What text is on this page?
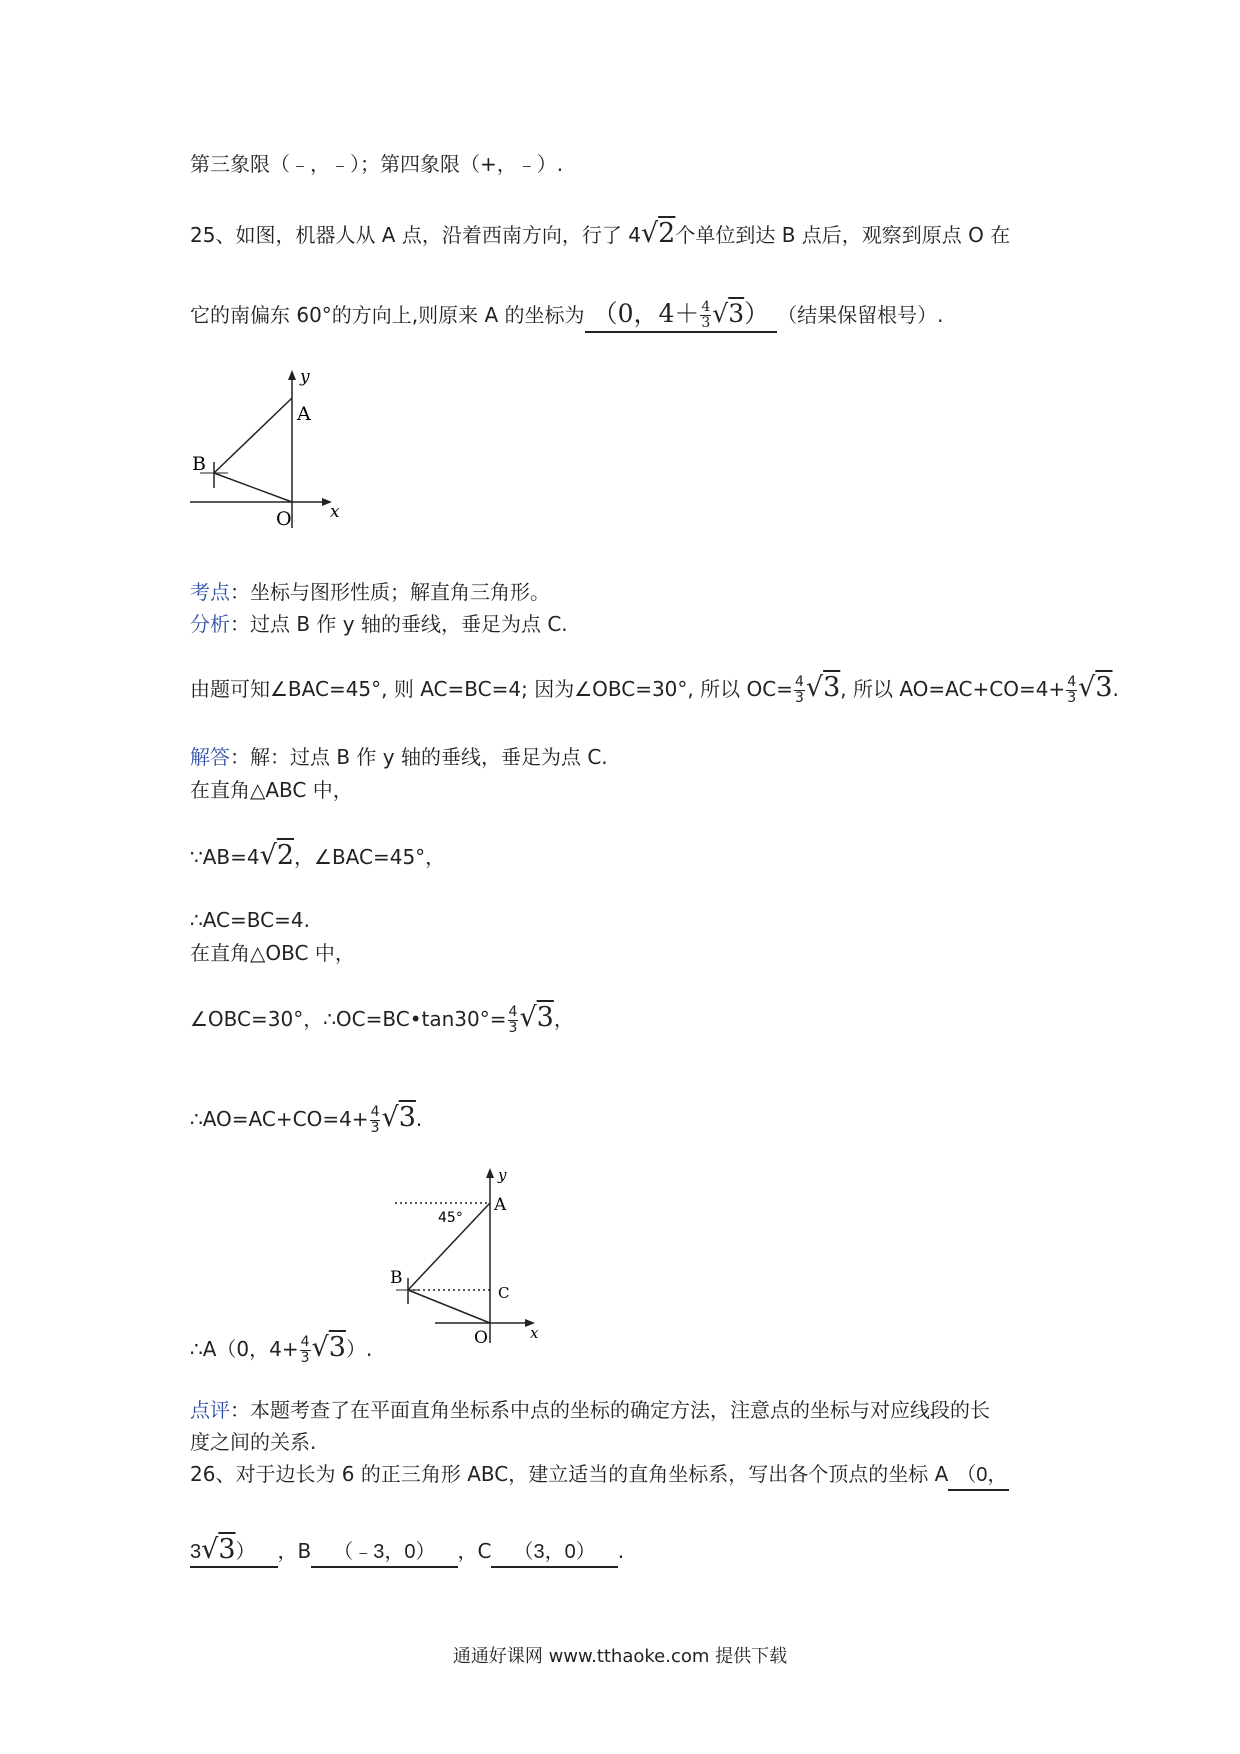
第三象限（﹣，﹣）；第四象限（+，﹣）.
25、如图，机器人从 A 点，沿着西南方向，行了 4√2个单位到达 B 点后，观察到原点 O 在
它的南偏东 60°的方向上,则原来 A 的坐标为 （0，$4+ \frac{4}{3} √3$） （结果保留根号）.
y
A
B
O x
考点：坐标与图形性质；解直角三角形。
分析：过点 B 作 y 轴的垂线，垂足为点 C.
由题可知∠BAC=45°, 则 AC=BC=4; 因为∠OBC=30°, 所以 $OC= \frac{4}{3} √3$, 所以 $AO=AC+CO=4+ \frac{4}{3} √3$.
解答：解：过点 B 作 y 轴的垂线，垂足为点 C.
在直角△ABC 中，
∵AB=4√2，∠BAC=45°，
∴AC=BC=4.
在直角△OBC 中，
∠OBC=30°，∴OC=BC•tan30°= $\frac{4}{3} √3$，
∴AO=AC+CO=4+ $\frac{4}{3} √3$.
y
A
45°
B
C
O	x
∴A（0，$4+ \frac{4}{3} √3$）.
点评：本题考查了在平面直角坐标系中点的坐标的确定方法，注意点的坐标与对应线段的长
度之间的关系.
26、对于边长为 6 的正三角形 ABC，建立适当的直角坐标系，写出各个顶点的坐标 A （0，
3√3） ，B （﹣3，0） ，C （3，0） .
通通好课网 www.tthaoke.com 提供下载
